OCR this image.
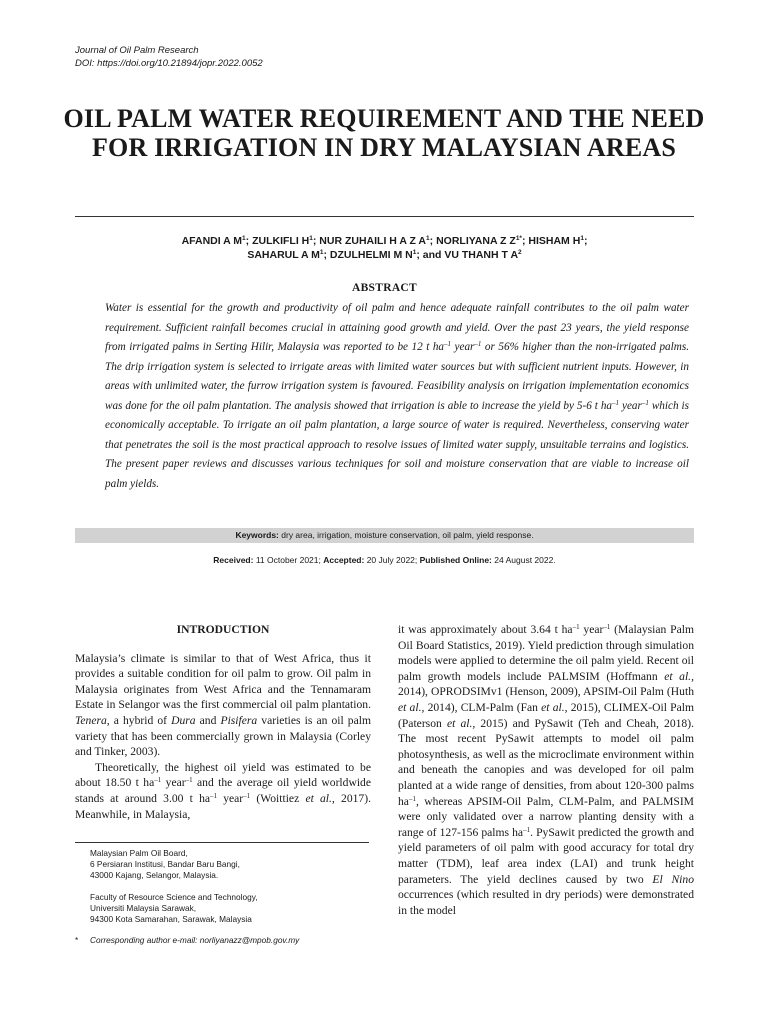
Journal of Oil Palm Research
DOI: https://doi.org/10.21894/jopr.2022.0052
OIL PALM WATER REQUIREMENT AND THE NEED FOR IRRIGATION IN DRY MALAYSIAN AREAS
AFANDI A $M^1$; ZULKIFLI $H^1$; NUR ZUHAILI H A Z $A^1$; NORLIYANA Z $Z^{1*}$; HISHAM $H^1$;
SAHARUL A $M^1$; DZULHELMI M $N^1$; and VU THANH T $A^2$
ABSTRACT

Water is essential for the growth and productivity of oil palm and hence adequate rainfall contributes to the oil palm water requirement. Sufficient rainfall becomes crucial in attaining good growth and yield. Over the past 23 years, the yield response from irrigated palms in Serting Hilir, Malaysia was reported to be 12 t $ha^{-1}$ year$^{-1}$ or 56% higher than the non-irrigated palms. The drip irrigation system is selected to irrigate areas with limited water sources but with sufficient nutrient inputs. However, in areas with unlimited water, the furrow irrigation system is favoured. Feasibility analysis on irrigation implementation economics was done for the oil palm plantation. The analysis showed that irrigation is able to increase the yield by 5-6 t $ha^{-1}$ year$^{-1}$ which is economically acceptable. To irrigate an oil palm plantation, a large source of water is required. Nevertheless, conserving water that penetrates the soil is the most practical approach to resolve issues of limited water supply, unsuitable terrains and logistics. The present paper reviews and discusses various techniques for soil and moisture conservation that are viable to increase oil palm yields.

Keywords: dry area, irrigation, moisture conservation, oil palm, yield response.
Received: 11 October 2021; Accepted: 20 July 2022; Published Online: 24 August 2022.

INTRODUCTION

Malaysia’s climate is similar to that of West Africa, thus it provides a suitable condition for oil palm to grow. Oil palm in Malaysia originates from West Africa and the Tennamaram Estate in Selangor was the first commercial oil palm plantation. Tenera, a hybrid of Dura and Pisifera varieties is an oil palm variety that has been commercially grown in Malaysia (Corley and Tinker, 2003).

Theoretically, the highest oil yield was estimated to be about 18.50 t $ha^{-1}$ year$^{-1}$ and the average oil yield worldwide stands at around 3.00 t $ha^{-1}$ year$^{-1}$ (Woittiez et al., 2017). Meanwhile, in Malaysia,

it was approximately about 3.64 t $ha^{-1}$ year$^{-1}$ (Malaysian Palm Oil Board Statistics, 2019). Yield prediction through simulation models were applied to determine the oil palm yield. Recent oil palm growth models include PALMSIM (Hoffmann et al., 2014), OPRODSIMv1 (Henson, 2009), APSIM-Oil Palm (Huth et al., 2014), CLM-Palm (Fan et al., 2015), CLIMEX-Oil Palm (Paterson et al., 2015) and PySawit (Teh and Cheah, 2018). The most recent PySawit attempts to model oil palm photosynthesis, as well as the microclimate environment within and beneath the canopies and was developed for oil palm planted at a wide range of densities, from about 120-300 palms $ha^{-1}$, whereas APSIM-Oil Palm, CLM-Palm, and PALMSIM were only validated over a narrow planting density with a range of 127-156 palms $ha^{-1}$. PySawit predicted the growth and yield parameters of oil palm with good accuracy for total dry matter (TDM), leaf area index (LAI) and trunk height parameters. The yield declines caused by two El Nino occurrences (which resulted in dry periods) were demonstrated in the model

Malaysian Palm Oil Board,
6 Persiaran Institusi, Bandar Baru Bangi,
43000 Kajang, Selangor, Malaysia.
Faculty of Resource Science and Technology,
Universiti Malaysia Sarawak,
94300 Kota Samarahan, Sarawak, Malaysia
* Corresponding author e-mail: norliyanazz@mpob.gov.my
